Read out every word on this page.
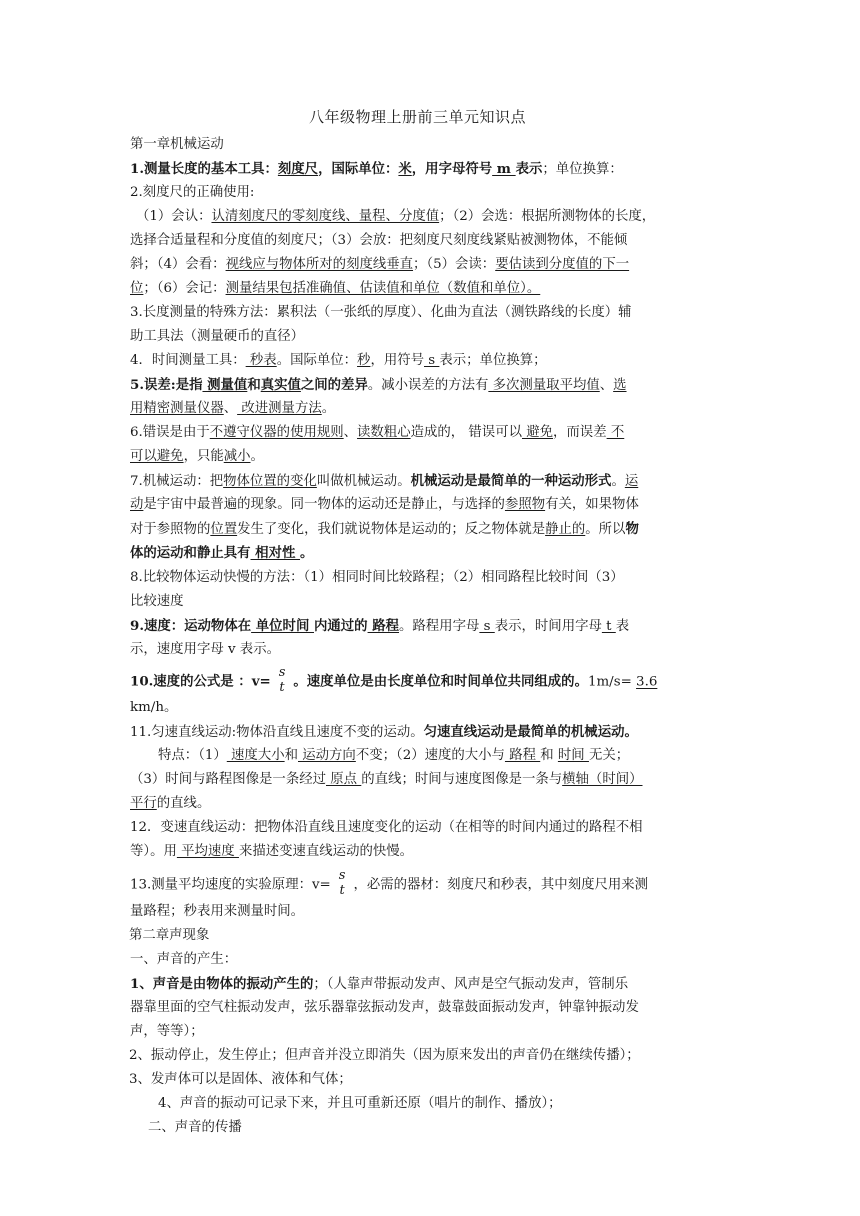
八年级物理上册前三单元知识点
第一章机械运动
1.测量长度的基本工具：刻度尺，国际单位：米，用字母符号 m 表示；单位换算：
2.刻度尺的正确使用:
（1）会认：认清刻度尺的零刻度线、量程、分度值；（2）会选：根据所测物体的长度，
选择合适量程和分度值的刻度尺；（3）会放：把刻度尺刻度线紧贴被测物体，不能倾
斜；（4）会看：视线应与物体所对的刻度线垂直；（5）会读：要估读到分度值的下一
位；（6）会记：测量结果包括准确值、估读值和单位（数值和单位）。
3.长度测量的特殊方法：累积法（一张纸的厚度）、化曲为直法（测铁路线的长度）辅
助工具法（测量硬币的直径）
4．时间测量工具： 秒表。国际单位：秒，用符号 s 表示；单位换算；
5.误差:是指 测量值和真实值之间的差异。减小误差的方法有 多次测量取平均值、选
用精密测量仪器、 改进测量方法。
6.错误是由于不遵守仪器的使用规则、读数粗心造成的， 错误可以 避免，而误差 不
可以避免，只能减小。
7.机械运动：把物体位置的变化叫做机械运动。机械运动是最简单的一种运动形式。运
动是宇宙中最普遍的现象。同一物体的运动还是静止，与选择的参照物有关，如果物体
对于参照物的位置发生了变化，我们就说物体是运动的；反之物体就是静止的。所以物
体的运动和静止具有 相对性 。
8.比较物体运动快慢的方法：（1）相同时间比较路程；（2）相同路程比较时间（3）
比较速度
9.速度：运动物体在 单位时间 内通过的 路程。路程用字母 s 表示，时间用字母 t 表
示，速度用字母 v 表示。
10.速度的公式是 ：v=
s
t 。速度单位是由长度单位和时间单位共同组成的。1m/s= 3.6
km/h。
11.匀速直线运动:物体沿直线且速度不变的运动。匀速直线运动是最简单的机械运动。
特点：（1） 速度大小和 运动方向不变；（2）速度的大小与 路程 和 时间 无关；
（3）时间与路程图像是一条经过 原点 的直线；时间与速度图像是一条与横轴（时间）
平行的直线。
12．变速直线运动：把物体沿直线且速度变化的运动（在相等的时间内通过的路程不相
等）。用 平均速度 来描述变速直线运动的快慢。
13.测量平均速度的实验原理：v=
s
t ，必需的器材：刻度尺和秒表，其中刻度尺用来测
量路程；秒表用来测量时间。
第二章声现象
一、声音的产生：
1、声音是由物体的振动产生的；（人靠声带振动发声、风声是空气振动发声，管制乐
器靠里面的空气柱振动发声，弦乐器靠弦振动发声，鼓靠鼓面振动发声，钟靠钟振动发
声，等等）；
2、振动停止，发生停止；但声音并没立即消失（因为原来发出的声音仍在继续传播）；
3、发声体可以是固体、液体和气体；
4、声音的振动可记录下来，并且可重新还原（唱片的制作、播放）；
二、声音的传播
